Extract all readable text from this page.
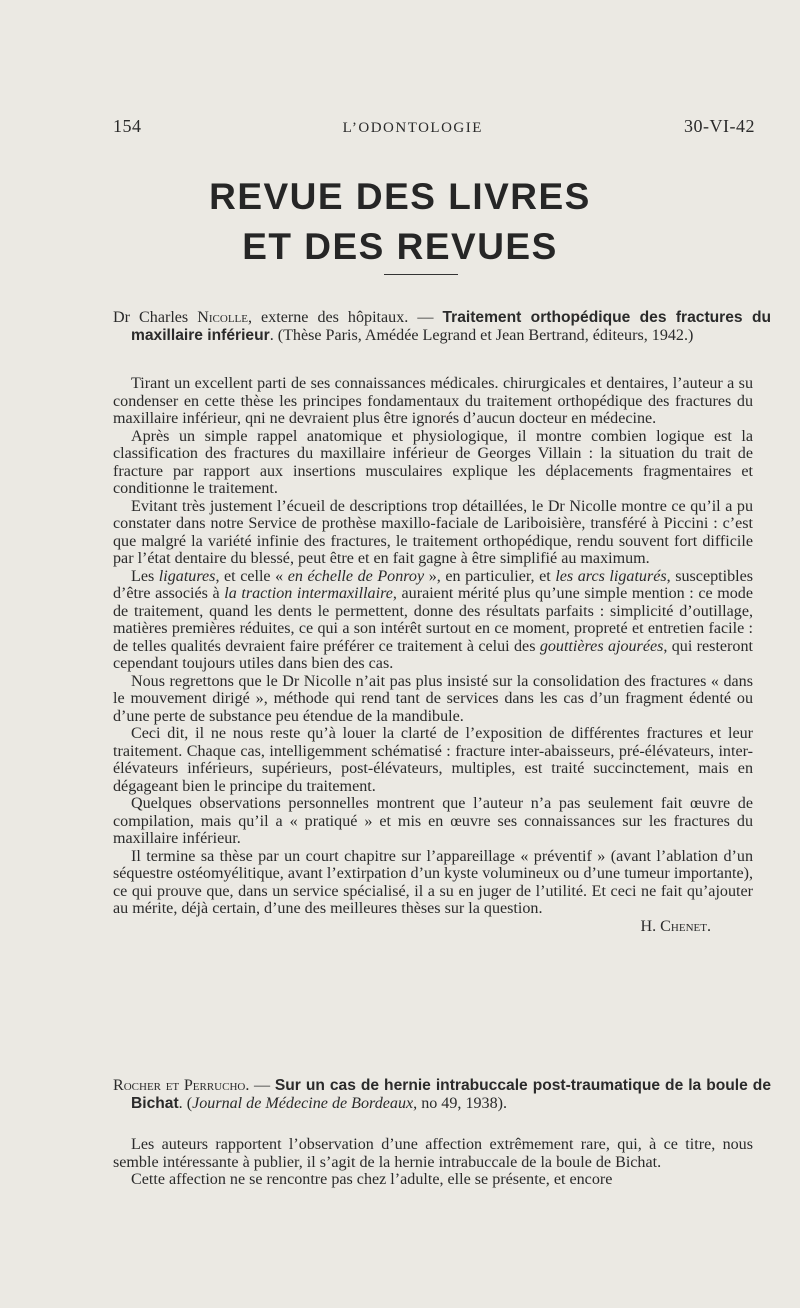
154	L’ODONTOLOGIE	30-VI-42
REVUE DES LIVRES
ET DES REVUES
Dr Charles Nicolle, externe des hôpitaux. — Traitement orthopédique des fractures du maxillaire inférieur. (Thèse Paris, Amédée Legrand et Jean Bertrand, éditeurs, 1942.)

Tirant un excellent parti de ses connaissances médicales. chirurgicales et dentaires, l’auteur a su condenser en cette thèse les principes fondamentaux du traitement orthopédique des fractures du maxillaire inférieur, qni ne devraient plus être ignorés d’aucun docteur en médecine.

Après un simple rappel anatomique et physiologique, il montre combien logique est la classification des fractures du maxillaire inférieur de Georges Villain : la situation du trait de fracture par rapport aux insertions musculaires explique les déplacements fragmentaires et conditionne le traitement.

Evitant très justement l’écueil de descriptions trop détaillées, le Dr Nicolle montre ce qu’il a pu constater dans notre Service de prothèse maxillo-faciale de Lariboisière, transféré à Piccini : c’est que malgré la variété infinie des fractures, le traitement orthopédique, rendu souvent fort difficile par l’état dentaire du blessé, peut être et en fait gagne à être simplifié au maximum.

Les ligatures, et celle « en échelle de Ponroy », en particulier, et les arcs ligaturés, susceptibles d’être associés à la traction intermaxillaire, auraient mérité plus qu’une simple mention : ce mode de traitement, quand les dents le permettent, donne des résultats parfaits : simplicité d’outillage, matières premières réduites, ce qui a son intérêt surtout en ce moment, propreté et entretien facile : de telles qualités devraient faire préférer ce traitement à celui des gouttières ajourées, qui resteront cependant toujours utiles dans bien des cas.

Nous regrettons que le Dr Nicolle n’ait pas plus insisté sur la consolidation des fractures « dans le mouvement dirigé », méthode qui rend tant de services dans les cas d’un fragment édenté ou d’une perte de substance peu étendue de la mandibule.

Ceci dit, il ne nous reste qu’à louer la clarté de l’exposition de différentes fractures et leur traitement. Chaque cas, intelligemment schématisé : fracture inter-abaisseurs, pré-élévateurs, inter-élévateurs inférieurs, supérieurs, post-élévateurs, multiples, est traité succinctement, mais en dégageant bien le principe du traitement.

Quelques observations personnelles montrent que l’auteur n’a pas seulement fait œuvre de compilation, mais qu’il a « pratiqué » et mis en œuvre ses connaissances sur les fractures du maxillaire inférieur.

Il termine sa thèse par un court chapitre sur l’appareillage « préventif » (avant l’ablation d’un séquestre ostéomyélitique, avant l’extirpation d’un kyste volumineux ou d’une tumeur importante), ce qui prouve que, dans un service spécialisé, il a su en juger de l’utilité. Et ceci ne fait qu’ajouter au mérite, déjà certain, d’une des meilleures thèses sur la question.

H. Chenet.

Rocher et Perrucho. — Sur un cas de hernie intrabuccale post-traumatique de la boule de Bichat. (Journal de Médecine de Bordeaux, no 49, 1938).

Les auteurs rapportent l’observation d’une affection extrêmement rare, qui, à ce titre, nous semble intéressante à publier, il s’agit de la hernie intrabuccale de la boule de Bichat.

Cette affection ne se rencontre pas chez l’adulte, elle se présente, et encore
